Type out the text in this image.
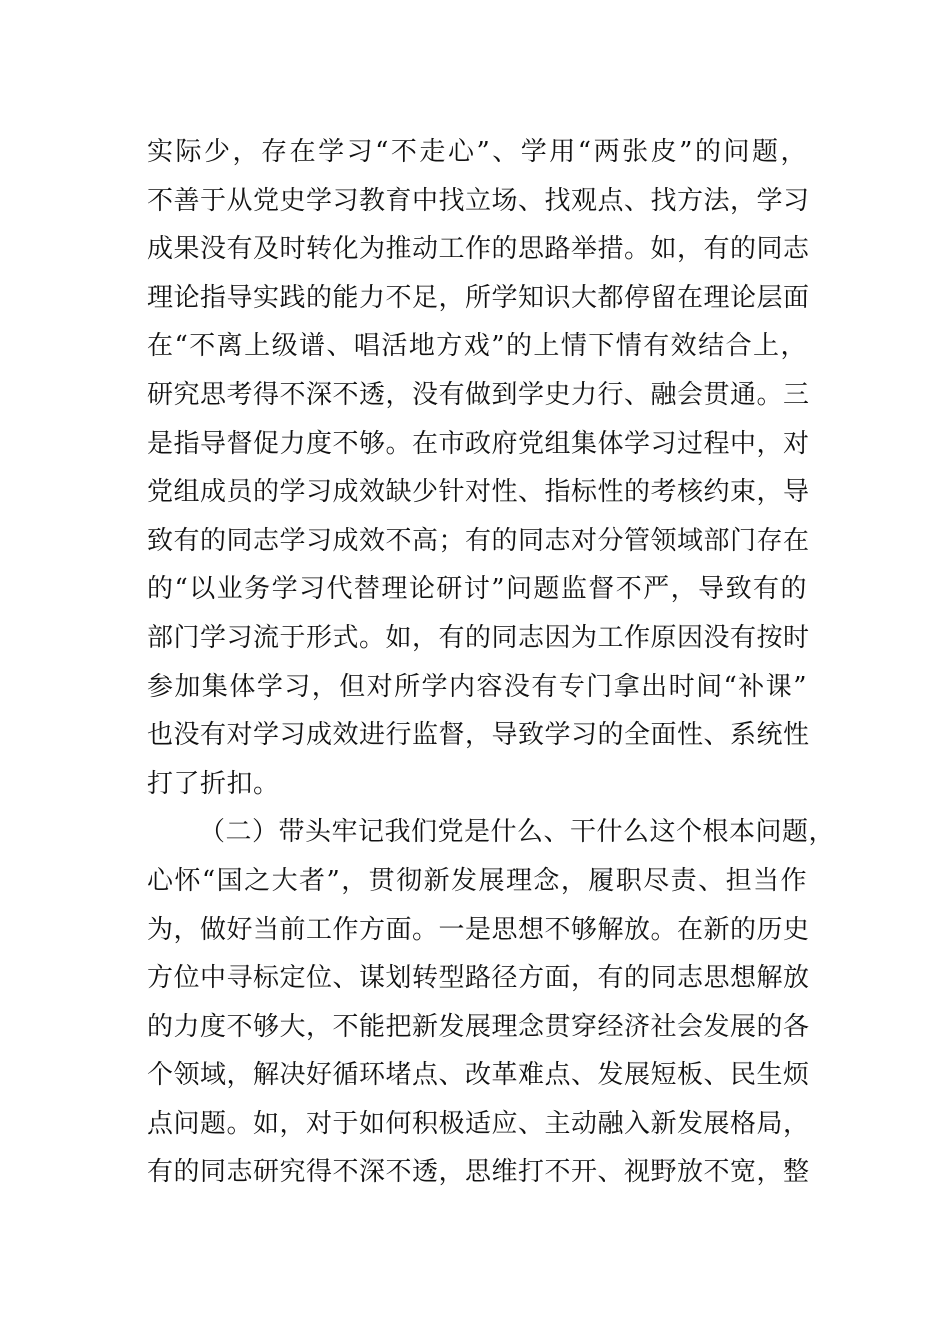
实际少，存在学习“不走心”、学用“两张皮”的问题，
不善于从党史学习教育中找立场、找观点、找方法，学习
成果没有及时转化为推动工作的思路举措。如，有的同志
理论指导实践的能力不足，所学知识大都停留在理论层面
在“不离上级谱、唱活地方戏”的上情下情有效结合上，
研究思考得不深不透，没有做到学史力行、融会贯通。三
是指导督促力度不够。在市政府党组集体学习过程中，对
党组成员的学习成效缺少针对性、指标性的考核约束，导
致有的同志学习成效不高；有的同志对分管领域部门存在
的“以业务学习代替理论研讨”问题监督不严，导致有的
部门学习流于形式。如，有的同志因为工作原因没有按时
参加集体学习，但对所学内容没有专门拿出时间“补课”
也没有对学习成效进行监督，导致学习的全面性、系统性
打了折扣。
（二）带头牢记我们党是什么、干什么这个根本问题，
心怀“国之大者”，贯彻新发展理念，履职尽责、担当作
为，做好当前工作方面。一是思想不够解放。在新的历史
方位中寻标定位、谋划转型路径方面，有的同志思想解放
的力度不够大，不能把新发展理念贯穿经济社会发展的各
个领域，解决好循环堵点、改革难点、发展短板、民生烦
点问题。如，对于如何积极适应、主动融入新发展格局，
有的同志研究得不深不透，思维打不开、视野放不宽，整
